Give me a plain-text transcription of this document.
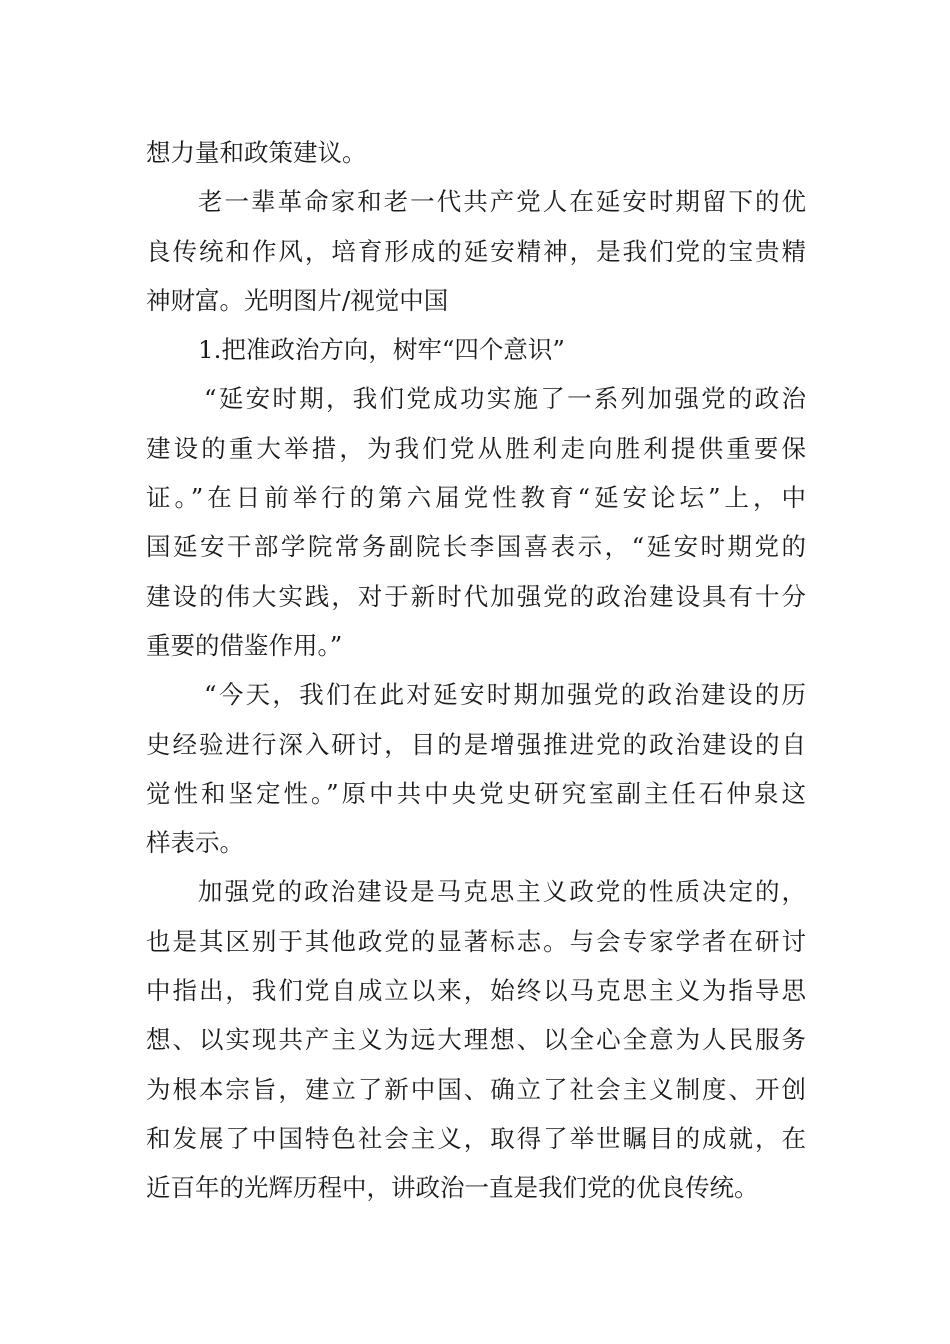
想力量和政策建议。
老一辈革命家和老一代共产党人在延安时期留下的优
良传统和作风，培育形成的延安精神，是我们党的宝贵精
神财富。光明图片/视觉中国
1.把准政治方向，树牢“四个意识”
“延安时期，我们党成功实施了一系列加强党的政治
建设的重大举措，为我们党从胜利走向胜利提供重要保
证。”在日前举行的第六届党性教育“延安论坛”上，中
国延安干部学院常务副院长李国喜表示，“延安时期党的
建设的伟大实践，对于新时代加强党的政治建设具有十分
重要的借鉴作用。”
“今天，我们在此对延安时期加强党的政治建设的历
史经验进行深入研讨，目的是增强推进党的政治建设的自
觉性和坚定性。”原中共中央党史研究室副主任石仲泉这
样表示。
加强党的政治建设是马克思主义政党的性质决定的，
也是其区别于其他政党的显著标志。与会专家学者在研讨
中指出，我们党自成立以来，始终以马克思主义为指导思
想、以实现共产主义为远大理想、以全心全意为人民服务
为根本宗旨，建立了新中国、确立了社会主义制度、开创
和发展了中国特色社会主义，取得了举世瞩目的成就，在
近百年的光辉历程中，讲政治一直是我们党的优良传统。
